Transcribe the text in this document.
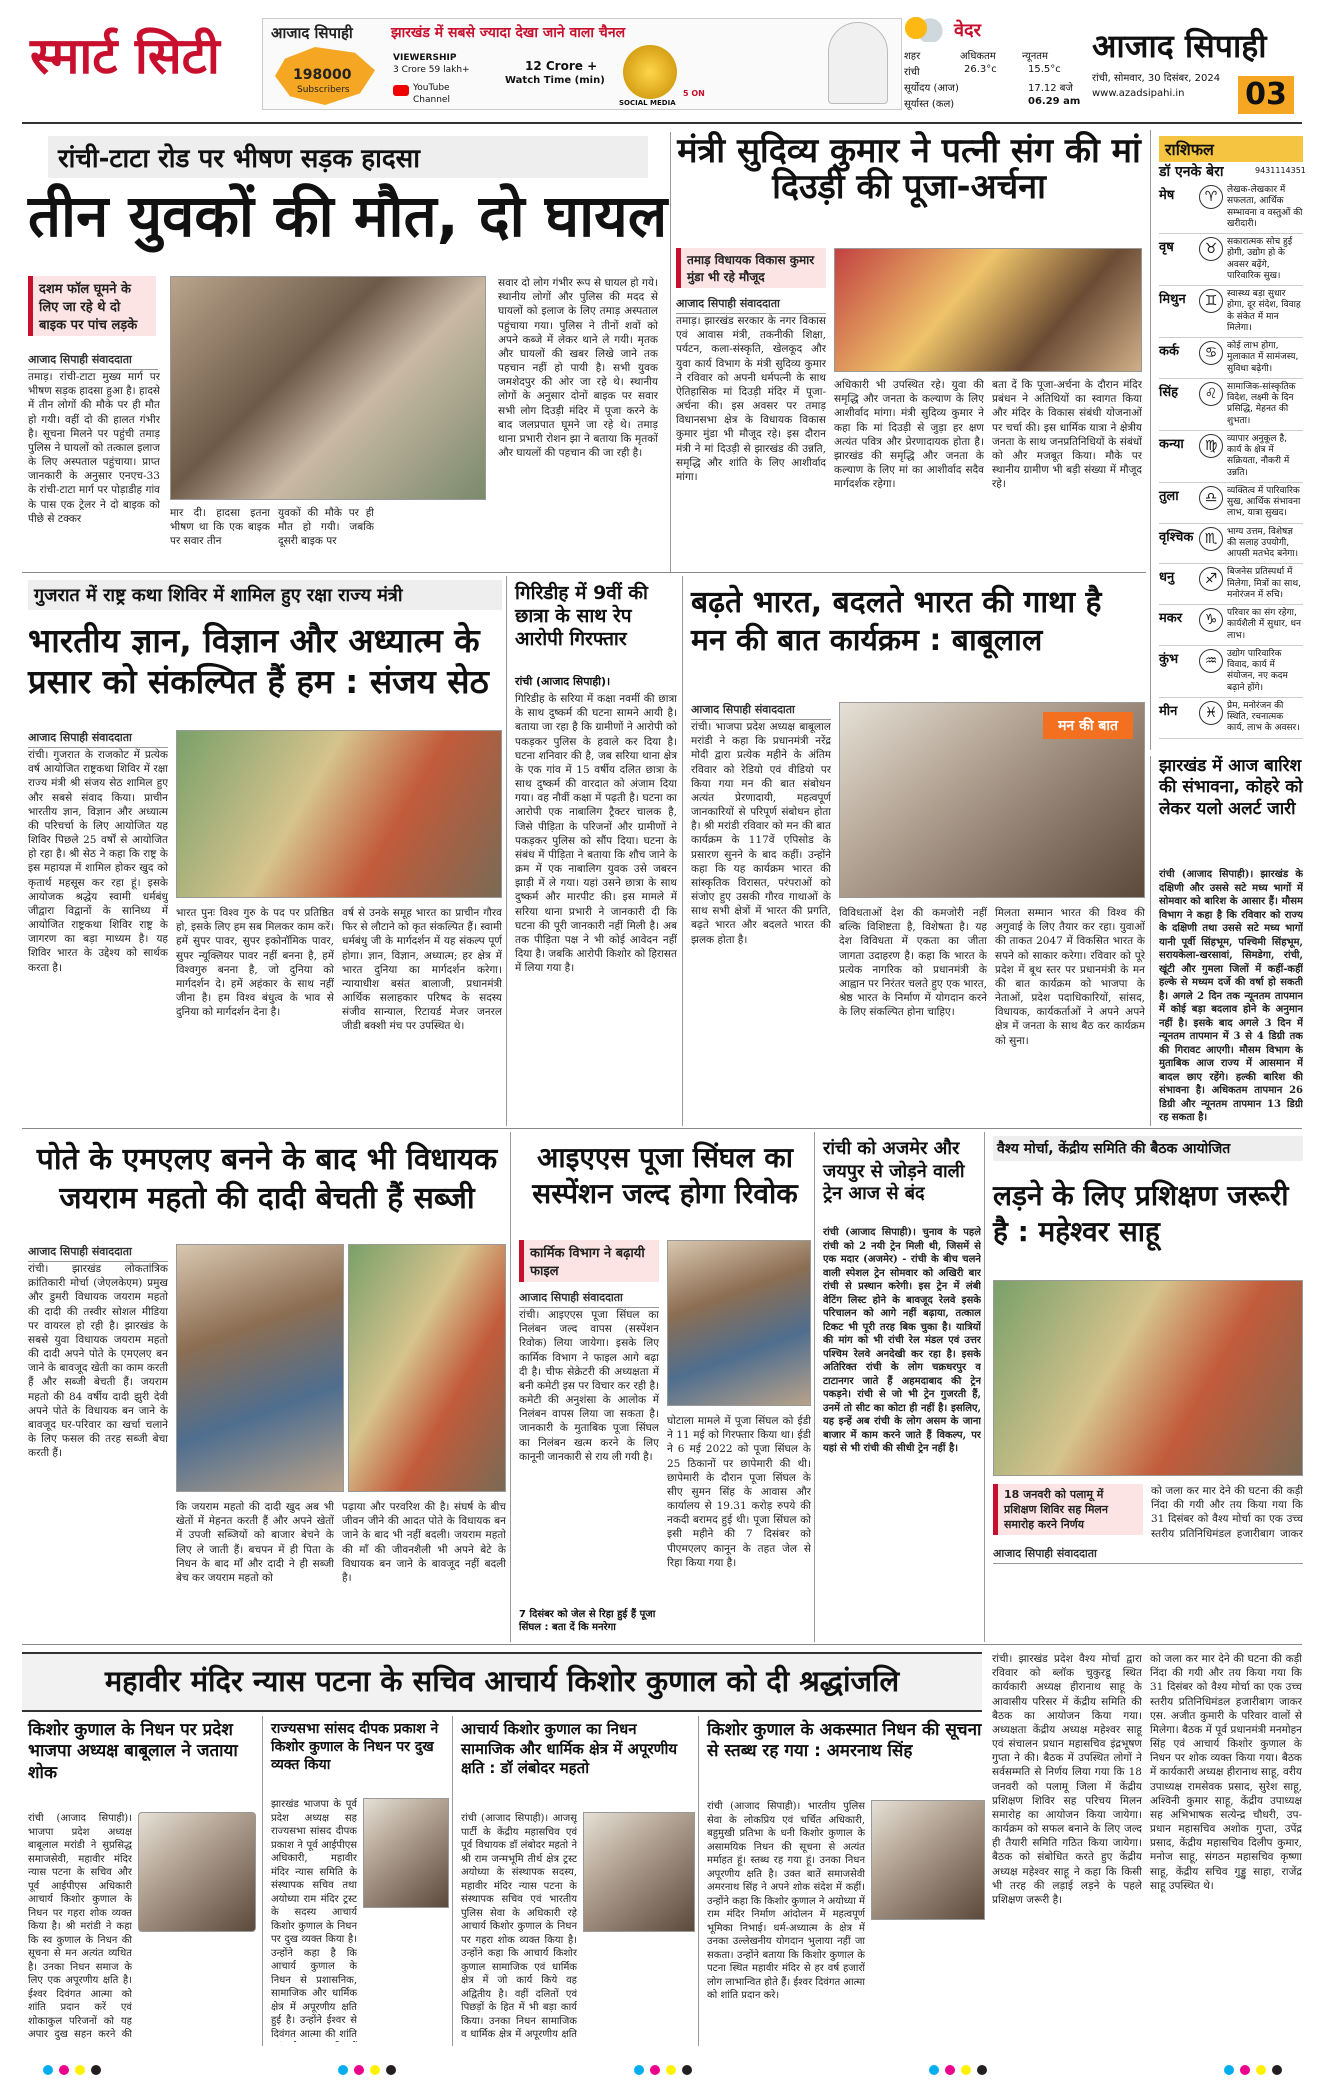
स्मार्ट सिटी	आजाद सिपाही	झारखंड में सबसे ज्यादा देखा जाने वाला चैनल
198000
Subscribers
VIEWERSHIP
3 Crore 59 lakh+
YouTube
Channel
12 Crore +
Watch Time (min)
SOCIAL MEDIA
5 ON
वेदर
शहर	अधिकतम	न्यूनतम
रांची	26.3°c	15.5°c
सूर्योदय (आज)	17.12 बजे
सूर्यास्त (कल)	06.29 am
आजाद सिपाही
रांची, सोमवार, 30 दिसंबर, 2024
www.azadsipahi.in 03
रांची-टाटा रोड पर भीषण सड़क हादसा
तीन युवकों की मौत, दो घायल
दशम फॉल घूमने के लिए जा रहे थे दो बाइक पर पांच लड़के
आजाद सिपाही संवाददाता
तमाड़। रांची-टाटा मुख्य मार्ग पर भीषण सड़क हादसा हुआ है। हादसे में तीन लोगों की मौके पर ही मौत हो गयी। वहीं दो की हालत गंभीर है। सूचना मिलने पर पहुंची तमाड़ पुलिस ने घायलों को तत्काल इलाज के लिए अस्पताल पहुंचाया। प्राप्त जानकारी के अनुसार एनएच-33 के रांची-टाटा मार्ग पर पोड़ाडीह गांव के पास एक ट्रेलर ने दो बाइक को पीछे से टक्कर	मार दी। हादसा इतना भीषण था कि एक बाइक पर सवार तीन
युवकों की मौके पर ही मौत हो गयी। जबकि दूसरी बाइक पर
सवार दो लोग गंभीर रूप से घायल हो गये। स्थानीय लोगों और पुलिस की मदद से घायलों को इलाज के लिए तमाड़ अस्पताल पहुंचाया गया। पुलिस ने तीनों शवों को अपने कब्जे में लेकर थाने ले गयी। मृतक और घायलों की खबर लिखे जाने तक पहचान नहीं हो पायी है। सभी युवक जमशेदपुर की ओर जा रहे थे। स्थानीय लोगों के अनुसार दोनों बाइक पर सवार सभी लोग दिउड़ी मंदिर में पूजा करने के बाद जलप्रपात घूमने जा रहे थे। तमाड़ थाना प्रभारी रोशन झा ने बताया कि मृतकों और घायलों की पहचान की जा रही है।
मंत्री सुदिव्य कुमार ने पत्नी संग की मां दिउड़ी की पूजा-अर्चना
तमाड़ विधायक विकास कुमार मुंडा भी रहे मौजूद
आजाद सिपाही संवाददाता
तमाड़। झारखंड सरकार के नगर विकास एवं आवास मंत्री, तकनीकी शिक्षा, पर्यटन, कला-संस्कृति, खेलकूद और युवा कार्य विभाग के मंत्री सुदिव्य कुमार ने रविवार को अपनी धर्मपत्नी के साथ ऐतिहासिक मां दिउड़ी मंदिर में पूजा-अर्चना की। इस अवसर पर तमाड़ विधानसभा क्षेत्र के विधायक विकास कुमार मुंडा भी मौजूद रहे। इस दौरान मंत्री ने मां दिउड़ी से झारखंड की उन्नति, समृद्धि और शांति के लिए आशीर्वाद मांगा।
अधिकारी भी उपस्थित रहे। युवा की समृद्धि और जनता के कल्याण के लिए आशीर्वाद मांगा। मंत्री सुदिव्य कुमार ने कहा कि मां दिउड़ी से जुड़ा हर क्षण अत्यंत पवित्र और प्रेरणादायक होता है। झारखंड की समृद्धि और जनता के कल्याण के लिए मां का आशीर्वाद सदैव मार्गदर्शक रहेगा।
बता दें कि पूजा-अर्चना के दौरान मंदिर प्रबंधन ने अतिथियों का स्वागत किया और मंदिर के विकास संबंधी योजनाओं पर चर्चा की। इस धार्मिक यात्रा ने क्षेत्रीय जनता के साथ जनप्रतिनिधियों के संबंधों को और मजबूत किया। मौके पर स्थानीय ग्रामीण भी बड़ी संख्या में मौजूद रहे।
राशिफल
डॉ एनके बेरा	9431114351
मेष	♈	लेखक-लेखकार में सफलता, आर्थिक सम्भावना व वस्तुओं की खरीदारी।
वृष	♉	सकारात्मक सोच हुई होगी, उद्योग हो के अवसर बढ़ेंगे, पारिवारिक सुख।
मिथुन	♊	स्वास्थ्य बड़ा सुधार होगा, दूर संदेश, विवाह के संकेत में मान मिलेगा।
कर्क	♋	कोई लाभ होगा, मुलाकात में सामंजस्य, सुविधा बढ़ेगी।
सिंह	♌	सामाजिक-सांस्कृतिक विदेश, लक्ष्मी के दिन प्रसिद्धि, मेहनत की शुभता।
कन्या	♍	व्यापार अनुकूल है, कार्य के क्षेत्र में सक्रियता, नौकरी में उन्नति।
तुला	♎	व्यक्तित्व में पारिवारिक सुख, आर्थिक संभावना लाभ, यात्रा सुखद।
वृश्चिक ♏	भाग्य उत्तम, विशेषज्ञ की सलाह उपयोगी, आपसी मतभेद बनेगा।
धनु	♐	बिजनेस प्रतिस्पर्धा में मिलेगा, मित्रों का साथ, मनोरंजन में रुचि।
मकर	♑	परिवार का संग रहेगा, कार्यशैली में सुधार, धन लाभ।
कुंभ	♒	उद्योग पारिवारिक विवाद, कार्य में संयोजन, नए कदम बढ़ाने होंगे।
मीन	♓	प्रेम, मनोरंजन की स्थिति, रचनात्मक कार्य, लाभ के अवसर।
गुजरात में राष्ट्र कथा शिविर में शामिल हुए रक्षा राज्य मंत्री
भारतीय ज्ञान, विज्ञान और अध्यात्म के प्रसार को संकल्पित हैं हम : संजय सेठ
आजाद सिपाही संवाददाता
रांची। गुजरात के राजकोट में प्रत्येक वर्ष आयोजित राष्ट्रकथा शिविर में रक्षा राज्य मंत्री श्री संजय सेठ शामिल हुए और सबसे संवाद किया। प्राचीन भारतीय ज्ञान, विज्ञान और अध्यात्म की परिचर्चा के लिए आयोजित यह शिविर पिछले 25 वर्षों से आयोजित हो रहा है। श्री सेठ ने कहा कि राष्ट्र के इस महायज्ञ में शामिल होकर खुद को कृतार्थ महसूस कर रहा हूं। इसके आयोजक श्रद्धेय स्वामी धर्मबंधु जीद्वारा विद्वानों के सानिध्य में आयोजित राष्ट्रकथा शिविर राष्ट्र के जागरण का बड़ा माध्यम है। यह शिविर भारत के उद्देश्य को सार्थक करता है।
भारत पुनः विश्व गुरु के पद पर प्रतिष्ठित हो, इसके लिए हम सब मिलकर काम करें। हमें सुपर पावर, सुपर इकोनॉमिक पावर, सुपर न्यूक्लियर पावर नहीं बनना है, हमें विश्वगुरु बनना है, जो दुनिया को मार्गदर्शन दे। हमें अहंकार के साथ नहीं जीना है। हम विश्व बंधुत्व के भाव से दुनिया को मार्गदर्शन देना है।
वर्ष से उनके समूह भारत का प्राचीन गौरव फिर से लौटाने को कृत संकल्पित हैं। स्वामी धर्मबंधु जी के मार्गदर्शन में यह संकल्प पूर्ण होगा। ज्ञान, विज्ञान, अध्यात्म; हर क्षेत्र में भारत दुनिया का मार्गदर्शन करेगा। न्यायाधीश बसंत बालाजी, प्रधानमंत्री आर्थिक सलाहकार परिषद के सदस्य संजीव सान्याल, रिटायर्ड मेजर जनरल जीडी बक्शी मंच पर उपस्थित थे।
गिरिडीह में 9वीं की छात्रा के साथ रेप आरोपी गिरफ्तार
रांची (आजाद सिपाही)।
गिरिडीह के सरिया में कक्षा नवमीं की छात्रा के साथ दुष्कर्म की घटना सामने आयी है। बताया जा रहा है कि ग्रामीणों ने आरोपी को पकड़कर पुलिस के हवाले कर दिया है। घटना शनिवार की है, जब सरिया थाना क्षेत्र के एक गांव में 15 वर्षीय दलित छात्रा के साथ दुष्कर्म की वारदात को अंजाम दिया गया। वह नौवीं कक्षा में पढ़ती है। घटना का आरोपी एक नाबालिग ट्रैक्टर चालक है, जिसे पीड़िता के परिजनों और ग्रामीणों ने पकड़कर पुलिस को सौंप दिया। घटना के संबंध में पीड़िता ने बताया कि शौच जाने के क्रम में एक नाबालिग युवक उसे जबरन झाड़ी में ले गया। यहां उसने छात्रा के साथ दुष्कर्म और मारपीट की। इस मामले में सरिया थाना प्रभारी ने जानकारी दी कि घटना की पूरी जानकारी नहीं मिली है। अब तक पीड़िता पक्ष ने भी कोई आवेदन नहीं दिया है। जबकि आरोपी किशोर को हिरासत में लिया गया है।
बढ़ते भारत, बदलते भारत की गाथा है मन की बात कार्यक्रम : बाबूलाल
आजाद सिपाही संवाददाता
रांची। भाजपा प्रदेश अध्यक्ष बाबूलाल मरांडी ने कहा कि प्रधानमंत्री नरेंद्र मोदी द्वारा प्रत्येक महीने के अंतिम रविवार को रेडियो एवं वीडियो पर किया गया मन की बात संबोधन अत्यंत प्रेरणादायी, महत्वपूर्ण जानकारियों से परिपूर्ण संबोधन होता है। श्री मरांडी रविवार को मन की बात कार्यक्रम के 117वें एपिसोड के प्रसारण सुनने के बाद कहीं। उन्होंने कहा कि यह कार्यक्रम भारत की सांस्कृतिक विरासत, परंपराओं को संजोए हुए उसकी गौरव गाथाओं के साथ सभी क्षेत्रों में भारत की प्रगति, बढ़ते भारत और बदलते भारत की झलक होता है।
मन की बात
विविधताओं देश की कमजोरी नहीं बल्कि विशिष्टता है, विशेषता है। यह देश विविधता में एकता का जीता जागता उदाहरण है। कहा कि भारत के प्रत्येक नागरिक को प्रधानमंत्री के आह्वान पर निरंतर चलते हुए एक भारत, श्रेष्ठ भारत के निर्माण में योगदान करने के लिए संकल्पित होना चाहिए।
मिलता सम्मान भारत की विश्व की अगुवाई के लिए तैयार कर रहा। युवाओं की ताकत 2047 में विकसित भारत के सपने को साकार करेगा। रविवार को पूरे प्रदेश में बूथ स्तर पर प्रधानमंत्री के मन की बात कार्यक्रम को भाजपा के नेताओं, प्रदेश पदाधिकारियों, सांसद, विधायक, कार्यकर्ताओं ने अपने अपने क्षेत्र में जनता के साथ बैठ कर कार्यक्रम को सुना।
झारखंड में आज बारिश की संभावना, कोहरे को लेकर यलो अलर्ट जारी
रांची (आजाद सिपाही)। झारखंड के दक्षिणी और उससे सटे मध्य भागों में सोमवार को बारिश के आसार हैं। मौसम विभाग ने कहा है कि रविवार को राज्य के दक्षिणी तथा उससे सटे मध्य भागों यानी पूर्वी सिंहभूम, पश्चिमी सिंहभूम, सरायकेला-खरसावां, सिमडेगा, रांची, खूंटी और गुमला जिलों में कहीं-कहीं हल्के से मध्यम दर्जे की वर्षा हो सकती है। अगले 2 दिन तक न्यूनतम तापमान में कोई बड़ा बदलाव होने के अनुमान नहीं है। इसके बाद अगले 3 दिन में न्यूनतम तापमान में 3 से 4 डिग्री तक की गिरावट आएगी। मौसम विभाग के मुताबिक आज राज्य में आसमान में बादल छाए रहेंगे। हल्की बारिश की संभावना है। अधिकतम तापमान 26 डिग्री और न्यूनतम तापमान 13 डिग्री रह सकता है।
पोते के एमएलए बनने के बाद भी विधायक जयराम महतो की दादी बेचती हैं सब्जी
आजाद सिपाही संवाददाता
रांची। झारखंड लोकतांत्रिक क्रांतिकारी मोर्चा (जेएलकेएम) प्रमुख और डुमरी विधायक जयराम महतो की दादी की तस्वीर सोशल मीडिया पर वायरल हो रही है। झारखंड के सबसे युवा विधायक जयराम महतो की दादी अपने पोते के एमएलए बन जाने के बावजूद खेती का काम करती हैं और सब्जी बेचती हैं। जयराम महतो की 84 वर्षीय दादी झुरी देवी अपने पोते के विधायक बन जाने के बावजूद घर-परिवार का खर्चा चलाने के लिए फसल की तरह सब्जी बेचा करती हैं।
कि जयराम महतो की दादी खुद अब भी खेतों में मेहनत करती हैं और अपने खेतों में उपजी सब्जियों को बाजार बेचने के लिए ले जाती हैं। बचपन में ही पिता के निधन के बाद माँ और दादी ने ही सब्जी बेच कर जयराम महतो को
पढ़ाया और परवरिश की है। संघर्ष के बीच जीवन जीने की आदत पोते के विधायक बन जाने के बाद भी नहीं बदली। जयराम महतो की माँ की जीवनशैली भी अपने बेटे के विधायक बन जाने के बावजूद नहीं बदली है।
आइएएस पूजा सिंघल का सस्पेंशन जल्द होगा रिवोक
कार्मिक विभाग ने बढ़ायी फाइल
आजाद सिपाही संवाददाता
रांची। आइएएस पूजा सिंघल का निलंबन जल्द वापस (सस्पेंशन रिवोक) लिया जायेगा। इसके लिए कार्मिक विभाग ने फाइल आगे बढ़ा दी है। चीफ सेक्रेटरी की अध्यक्षता में बनी कमेटी इस पर विचार कर रही है। कमेटी की अनुशंसा के आलोक में निलंबन वापस लिया जा सकता है। जानकारी के मुताबिक पूजा सिंघल का निलंबन खत्म करने के लिए कानूनी जानकारी से राय ली गयी है।
7 दिसंबर को जेल से रिहा हुई हैं पूजा सिंघल : बता दें कि मनरेगा
घोटाला मामले में पूजा सिंघल को ईडी ने 11 मई को गिरफ्तार किया था। ईडी ने 6 मई 2022 को पूजा सिंघल के 25 ठिकानों पर छापेमारी की थी। छापेमारी के दौरान पूजा सिंघल के सीए सुमन सिंह के आवास और कार्यालय से 19.31 करोड़ रुपये की नकदी बरामद हुई थी। पूजा सिंघल को इसी महीने की 7 दिसंबर को पीएमएलए कानून के तहत जेल से रिहा किया गया है।
रांची को अजमेर और जयपुर से जोड़ने वाली ट्रेन आज से बंद
रांची (आजाद सिपाही)। चुनाव के पहले रांची को 2 नयी ट्रेन मिली थी, जिसमें से एक मदार (अजमेर) - रांची के बीच चलने वाली स्पेशल ट्रेन सोमवार को अखिरी बार रांची से प्रस्थान करेगी। इस ट्रेन में लंबी वेटिंग लिस्ट होने के बावजूद रेलवे इसके परिचालन को आगे नहीं बढ़ाया, तत्काल टिकट भी पूरी तरह बिक चुका है। यात्रियों की मांग को भी रांची रेल मंडल एवं उत्तर पश्चिम रेलवे अनदेखी कर रहा है। इसके अतिरिक्त रांची के लोग चक्रधरपुर व टाटानगर जाते हैं अहमदाबाद की ट्रेन पकड़ने। रांची से जो भी ट्रेन गुजरती हैं, उनमें तो सीट का कोटा ही नहीं है। इसलिए, यह इन्हें अब रांची के लोग असम के जाना बाजार में काम करने जाते हैं विकल्प, पर यहां से भी रांची की सीधी ट्रेन नहीं है।
वैश्य मोर्चा, केंद्रीय समिति की बैठक आयोजित
लड़ने के लिए प्रशिक्षण जरूरी है : महेश्वर साहू
18 जनवरी को पलामू में प्रशिक्षण शिविर सह मिलन समारोह करने निर्णय
आजाद सिपाही संवाददाता
को जला कर मार देने की घटना की कड़ी निंदा की गयी और तय किया गया कि 31 दिसंबर को वैश्य मोर्चा का एक उच्च स्तरीय प्रतिनिधिमंडल हजारीबाग जाकर
रांची। झारखंड प्रदेश वैश्य मोर्चा द्वारा रविवार को ब्लॉक चुकुरडू स्थित कार्यकारी अध्यक्ष हीरानाथ साहू के आवासीय परिसर में केंद्रीय समिति की बैठक का आयोजन किया गया। अध्यक्षता केंद्रीय अध्यक्ष महेश्वर साहू एवं संचालन प्रधान महासचिव इंद्रभूषण गुप्ता ने की। बैठक में उपस्थित लोगों ने सर्वसम्मति से निर्णय लिया गया कि 18 जनवरी को पलामू जिला में केंद्रीय प्रशिक्षण शिविर सह परिचय मिलन समारोह का आयोजन किया जायेगा। कार्यक्रम को सफल बनाने के लिए जल्द ही तैयारी समिति गठित किया जायेगा। बैठक को संबोधित करते हुए केंद्रीय अध्यक्ष महेश्वर साहू ने कहा कि किसी भी तरह की लड़ाई लड़ने के पहले प्रशिक्षण जरूरी है।
को जला कर मार देने की घटना की कड़ी निंदा की गयी और तय किया गया कि 31 दिसंबर को वैश्य मोर्चा का एक उच्च स्तरीय प्रतिनिधिमंडल हजारीबाग जाकर एस. अजीत कुमारी के परिवार वालों से मिलेगा। बैठक में पूर्व प्रधानमंत्री मनमोहन सिंह एवं आचार्य किशोर कुणाल के निधन पर शोक व्यक्त किया गया। बैठक में कार्यकारी अध्यक्ष हीरानाथ साहू, वरीय उपाध्यक्ष रामसेवक प्रसाद, सुरेश साहू, अश्विनी कुमार साहू, केंद्रीय उपाध्यक्ष सह अभिभाषक सत्येन्द्र चौधरी, उप-प्रधान महासचिव अशोक गुप्ता, उपेंद्र प्रसाद, केंद्रीय महासचिव दिलीप कुमार, मनोज साहू, संगठन महासचिव कृष्णा साहू, केंद्रीय सचिव गुड्डु साहा, राजेंद्र साहू उपस्थित थे।
महावीर मंदिर न्यास पटना के सचिव आचार्य किशोर कुणाल को दी श्रद्धांजलि
किशोर कुणाल के निधन पर प्रदेश भाजपा अध्यक्ष बाबूलाल ने जताया शोक
रांची (आजाद सिपाही)। भाजपा प्रदेश अध्यक्ष बाबूलाल मरांडी ने सुप्रसिद्ध समाजसेवी, महावीर मंदिर न्यास पटना के सचिव और पूर्व आईपीएस अधिकारी आचार्य किशोर कुणाल के निधन पर गहरा शोक व्यक्त किया है। श्री मरांडी ने कहा कि स्व कुणाल के निधन की सूचना से मन अत्यंत व्यथित है। उनका निधन समाज के लिए एक अपूरणीय क्षति है। ईश्वर दिवंगत आत्मा को शांति प्रदान करें एवं शोकाकुल परिजनों को यह अपार दुख सहन करने की
राज्यसभा सांसद दीपक प्रकाश ने किशोर कुणाल के निधन पर दुख व्यक्त किया
झारखंड भाजपा के पूर्व प्रदेश अध्यक्ष सह राज्यसभा सांसद दीपक प्रकाश ने पूर्व आईपीएस अधिकारी, महावीर मंदिर न्यास समिति के संस्थापक सचिव तथा अयोध्या राम मंदिर ट्रस्ट के सदस्य आचार्य किशोर कुणाल के निधन पर दुख व्यक्त किया है। उन्होंने कहा है कि आचार्य कुणाल के निधन से प्रशासनिक, सामाजिक और धार्मिक क्षेत्र में अपूरणीय क्षति हुई है। उन्होंने ईश्वर से दिवंगत आत्मा की शांति
आचार्य किशोर कुणाल का निधन सामाजिक और धार्मिक क्षेत्र में अपूरणीय क्षति : डॉ लंबोदर महतो
रांची (आजाद सिपाही)। आजसू पार्टी के केंद्रीय महासचिव एवं पूर्व विधायक डॉ लंबोदर महतो ने श्री राम जन्मभूमि तीर्थ क्षेत्र ट्रस्ट अयोध्या के संस्थापक सदस्य, महावीर मंदिर न्यास पटना के संस्थापक सचिव एवं भारतीय पुलिस सेवा के अधिकारी रहे आचार्य किशोर कुणाल के निधन पर गहरा शोक व्यक्त किया है। उन्होंने कहा कि आचार्य किशोर कुणाल सामाजिक एवं धार्मिक क्षेत्र में जो कार्य किये वह अद्वितीय है। वहीं दलितों एवं पिछड़ों के हित में भी बड़ा कार्य किया। उनका निधन सामाजिक व धार्मिक क्षेत्र में अपूरणीय क्षति
किशोर कुणाल के अकस्मात निधन की सूचना से स्तब्ध रह गया : अमरनाथ सिंह
रांची (आजाद सिपाही)। भारतीय पुलिस सेवा के लोकप्रिय एवं चर्चित अधिकारी, बहुमुखी प्रतिभा के धनी किशोर कुणाल के असामयिक निधन की सूचना से अत्यंत मर्माहत हूं। स्तब्ध रह गया हूं। उनका निधन अपूरणीय क्षति है। उक्त बातें समाजसेवी अमरनाथ सिंह ने अपने शोक संदेश में कहीं। उन्होंने कहा कि किशोर कुणाल ने अयोध्या में राम मंदिर निर्माण आंदोलन में महत्वपूर्ण भूमिका निभाई। धर्म-अध्यात्म के क्षेत्र में उनका उल्लेखनीय योगदान भुलाया नहीं जा सकता। उन्होंने बताया कि किशोर कुणाल के पटना स्थित महावीर मंदिर से हर वर्ष हजारों लोग लाभान्वित होते हैं। ईश्वर दिवंगत आत्मा को शांति प्रदान करे।
